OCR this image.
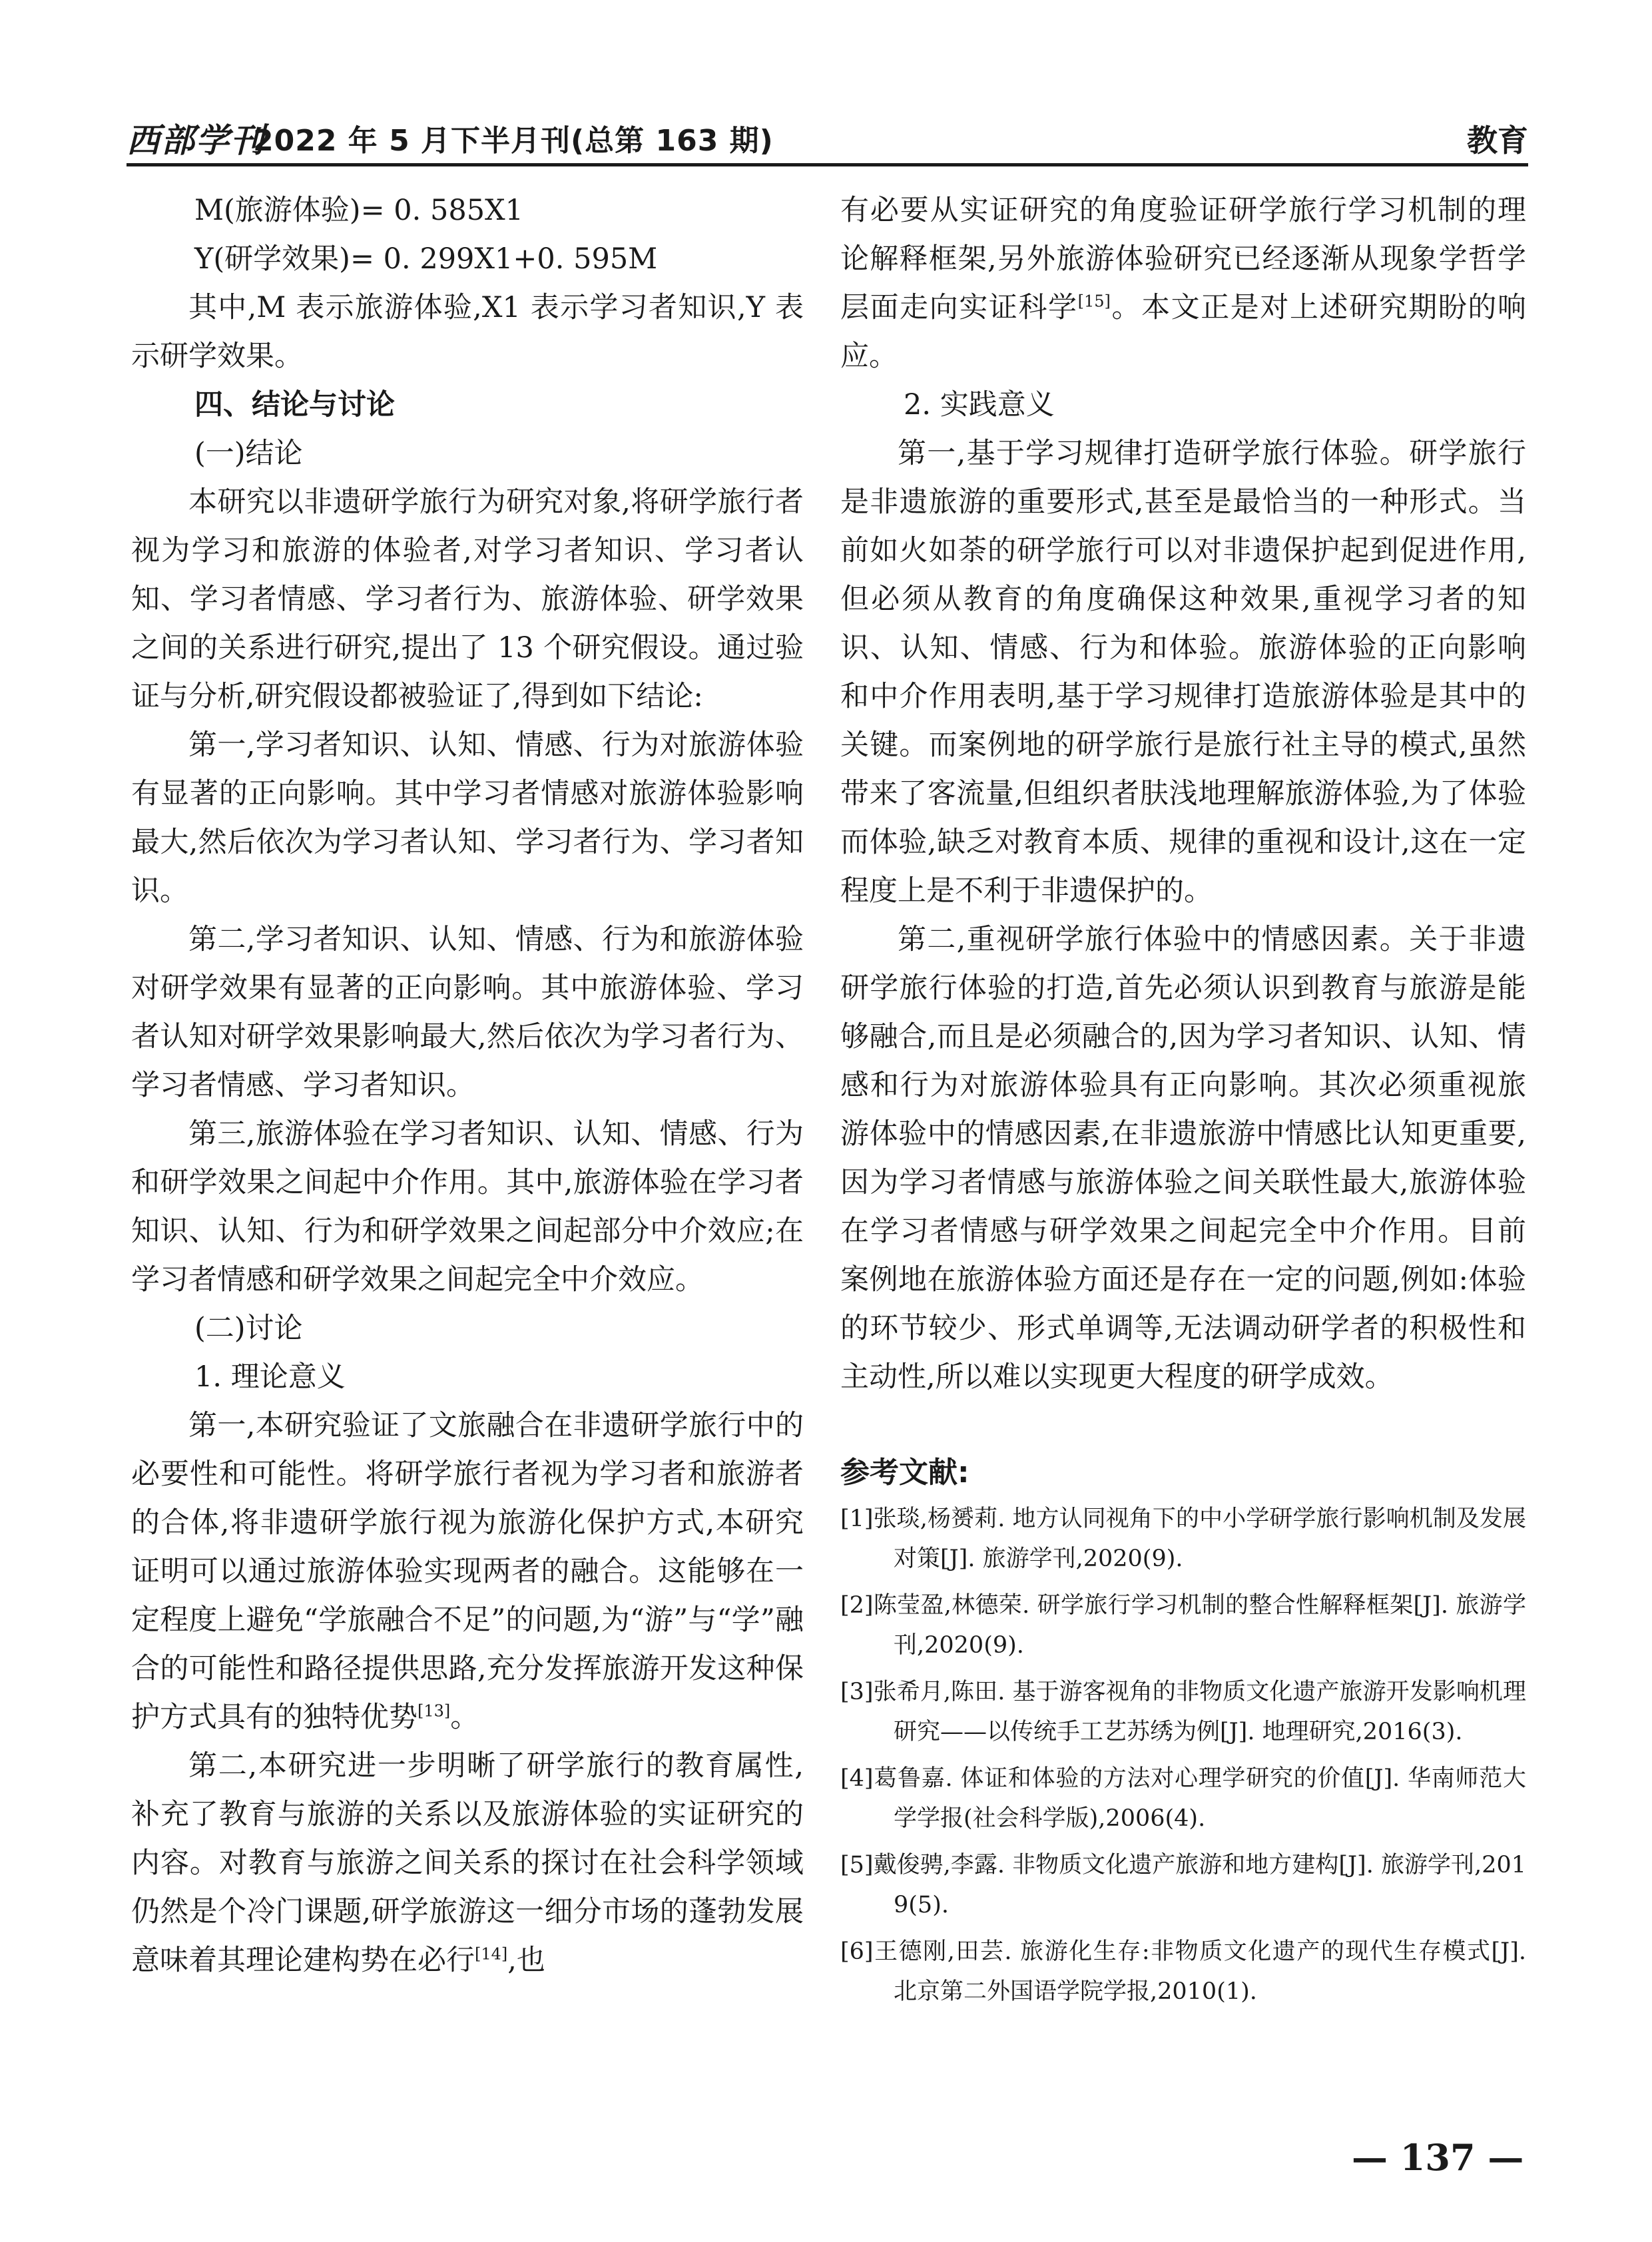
西部学刊
2022 年 5 月下半月刊(总第 163 期)	教育

M(旅游体验)= 0. 585X1

Y(研学效果)= 0. 299X1+0. 595M

其中,M 表示旅游体验,X1 表示学习者知识,Y 表示研学效果。

四、结论与讨论

(一)结论

本研究以非遗研学旅行为研究对象,将研学旅行者视为学习和旅游的体验者,对学习者知识、学习者认知、学习者情感、学习者行为、旅游体验、研学效果之间的关系进行研究,提出了 13 个研究假设。通过验证与分析,研究假设都被验证了,得到如下结论:

第一,学习者知识、认知、情感、行为对旅游体验有显著的正向影响。其中学习者情感对旅游体验影响最大,然后依次为学习者认知、学习者行为、学习者知识。

第二,学习者知识、认知、情感、行为和旅游体验对研学效果有显著的正向影响。其中旅游体验、学习者认知对研学效果影响最大,然后依次为学习者行为、学习者情感、学习者知识。

第三,旅游体验在学习者知识、认知、情感、行为和研学效果之间起中介作用。其中,旅游体验在学习者知识、认知、行为和研学效果之间起部分中介效应;在学习者情感和研学效果之间起完全中介效应。

(二)讨论

1. 理论意义

第一,本研究验证了文旅融合在非遗研学旅行中的必要性和可能性。将研学旅行者视为学习者和旅游者的合体,将非遗研学旅行视为旅游化保护方式,本研究证明可以通过旅游体验实现两者的融合。这能够在一定程度上避免“学旅融合不足”的问题,为“游”与“学”融合的可能性和路径提供思路,充分发挥旅游开发这种保护方式具有的独特优势[13]。

第二,本研究进一步明晰了研学旅行的教育属性,补充了教育与旅游的关系以及旅游体验的实证研究的内容。对教育与旅游之间关系的探讨在社会科学领域仍然是个冷门课题,研学旅游这一细分市场的蓬勃发展意味着其理论建构势在必行[14],也

有必要从实证研究的角度验证研学旅行学习机制的理论解释框架,另外旅游体验研究已经逐渐从现象学哲学层面走向实证科学[15]。本文正是对上述研究期盼的响应。

2. 实践意义

第一,基于学习规律打造研学旅行体验。研学旅行是非遗旅游的重要形式,甚至是最恰当的一种形式。当前如火如荼的研学旅行可以对非遗保护起到促进作用,但必须从教育的角度确保这种效果,重视学习者的知识、认知、情感、行为和体验。旅游体验的正向影响和中介作用表明,基于学习规律打造旅游体验是其中的关键。而案例地的研学旅行是旅行社主导的模式,虽然带来了客流量,但组织者肤浅地理解旅游体验,为了体验而体验,缺乏对教育本质、规律的重视和设计,这在一定程度上是不利于非遗保护的。

第二,重视研学旅行体验中的情感因素。关于非遗研学旅行体验的打造,首先必须认识到教育与旅游是能够融合,而且是必须融合的,因为学习者知识、认知、情感和行为对旅游体验具有正向影响。其次必须重视旅游体验中的情感因素,在非遗旅游中情感比认知更重要,因为学习者情感与旅游体验之间关联性最大,旅游体验在学习者情感与研学效果之间起完全中介作用。目前案例地在旅游体验方面还是存在一定的问题,例如:体验的环节较少、形式单调等,无法调动研学者的积极性和主动性,所以难以实现更大程度的研学成效。

参考文献:

[1]张琰,杨赟莉. 地方认同视角下的中小学研学旅行影响机制及发展对策[J]. 旅游学刊,2020(9).

[2]陈莹盈,林德荣. 研学旅行学习机制的整合性解释框架[J]. 旅游学刊,2020(9).

[3]张希月,陈田. 基于游客视角的非物质文化遗产旅游开发影响机理研究——以传统手工艺苏绣为例[J]. 地理研究,2016(3).

[4]葛鲁嘉. 体证和体验的方法对心理学研究的价值[J]. 华南师范大学学报(社会科学版),2006(4).

[5]戴俊骋,李露. 非物质文化遗产旅游和地方建构[J]. 旅游学刊,2019(5).

[6]王德刚,田芸. 旅游化生存:非物质文化遗产的现代生存模式[J]. 北京第二外国语学院学报,2010(1).

— 137 —
